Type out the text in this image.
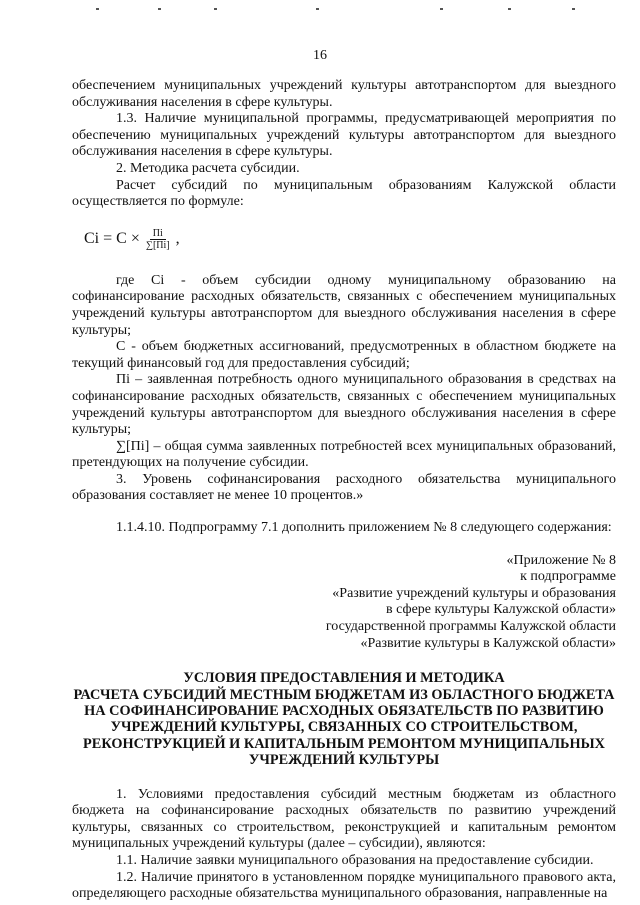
16

обеспечением муниципальных учреждений культуры автотранспортом для выездного обслуживания населения в сфере культуры.

1.3. Наличие муниципальной программы, предусматривающей мероприятия по обеспечению муниципальных учреждений культуры автотранспортом для выездного обслуживания населения в сфере культуры.

2. Методика расчета субсидии.

Расчет субсидий по муниципальным образованиям Калужской области осуществляется по формуле:

$Ci = C \times \frac{Пi}{\sum[Пi]}$ ,

где Ci - объем субсидии одному муниципальному образованию на софинансирование расходных обязательств, связанных с обеспечением муниципальных учреждений культуры автотранспортом для выездного обслуживания населения в сфере культуры;

С - объем бюджетных ассигнований, предусмотренных в областном бюджете на текущий финансовый год для предоставления субсидий;

Пi – заявленная потребность одного муниципального образования в средствах на софинансирование расходных обязательств, связанных с обеспечением муниципальных учреждений культуры автотранспортом для выездного обслуживания населения в сфере культуры;

∑[Пi] – общая сумма заявленных потребностей всех муниципальных образований, претендующих на получение субсидии.

3. Уровень софинансирования расходного обязательства муниципального образования составляет не менее 10 процентов.»

1.1.4.10. Подпрограмму 7.1 дополнить приложением № 8 следующего содержания:

«Приложение № 8
к подпрограмме
«Развитие учреждений культуры и образования
в сфере культуры Калужской области»
государственной программы Калужской области
«Развитие культуры в Калужской области»
УСЛОВИЯ ПРЕДОСТАВЛЕНИЯ И МЕТОДИКА
РАСЧЕТА СУБСИДИЙ МЕСТНЫМ БЮДЖЕТАМ ИЗ ОБЛАСТНОГО БЮДЖЕТА
НА СОФИНАНСИРОВАНИЕ РАСХОДНЫХ ОБЯЗАТЕЛЬСТВ ПО РАЗВИТИЮ
УЧРЕЖДЕНИЙ КУЛЬТУРЫ, СВЯЗАННЫХ СО СТРОИТЕЛЬСТВОМ,
РЕКОНСТРУКЦИЕЙ И КАПИТАЛЬНЫМ РЕМОНТОМ МУНИЦИПАЛЬНЫХ
УЧРЕЖДЕНИЙ КУЛЬТУРЫ

1. Условиями предоставления субсидий местным бюджетам из областного бюджета на софинансирование расходных обязательств по развитию учреждений культуры, связанных со строительством, реконструкцией и капитальным ремонтом муниципальных учреждений культуры (далее – субсидии), являются:

1.1. Наличие заявки муниципального образования на предоставление субсидии.

1.2. Наличие принятого в установленном порядке муниципального правового акта, определяющего расходные обязательства муниципального образования, направленные на
